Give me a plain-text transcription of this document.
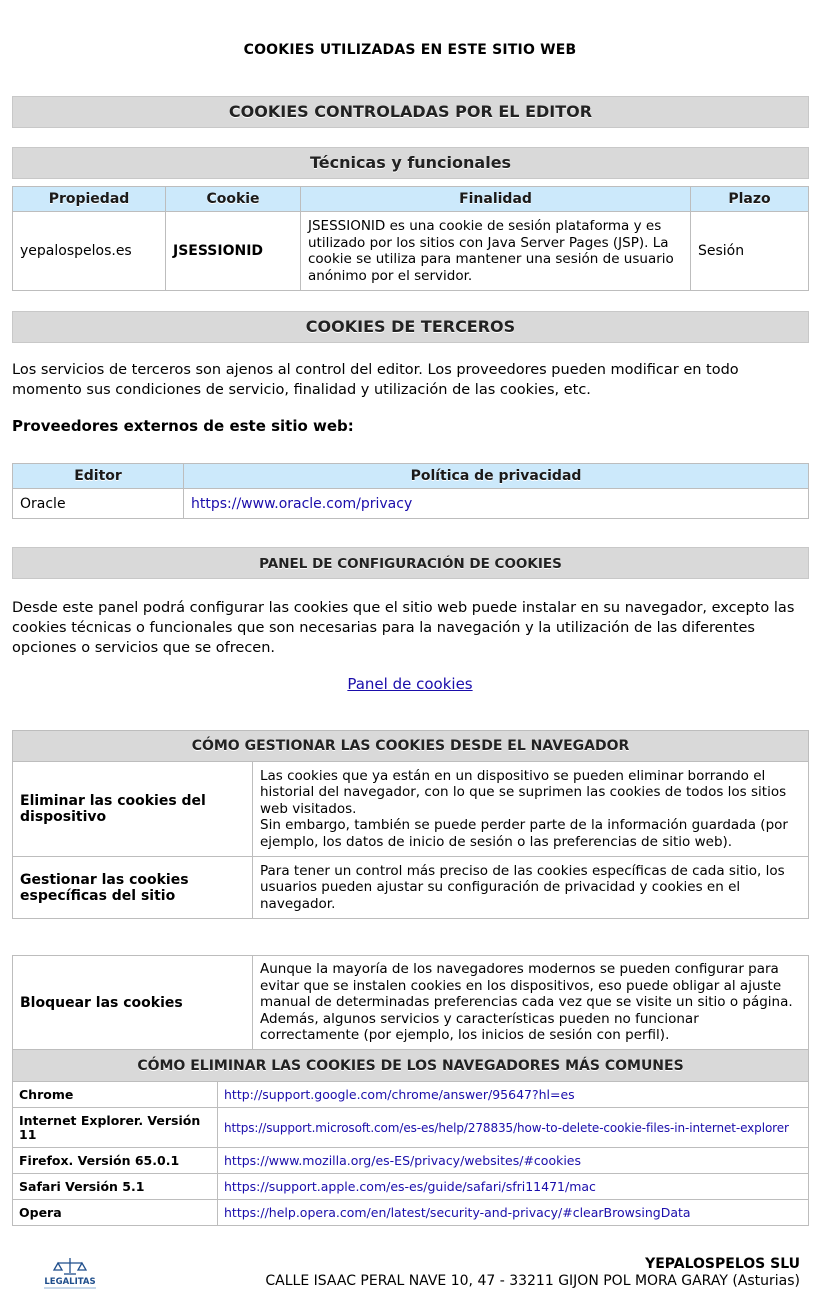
COOKIES UTILIZADAS EN ESTE SITIO WEB
COOKIES CONTROLADAS POR EL EDITOR
Técnicas y funcionales
Propiedad	Cookie	Finalidad	Plazo
yepalospelos.es	JSESSIONID	JSESSIONID es una cookie de sesión plataforma y es utilizado por los sitios con Java Server Pages (JSP). La cookie se utiliza para mantener una sesión de usuario anónimo por el servidor.	Sesión
COOKIES DE TERCEROS
Los servicios de terceros son ajenos al control del editor. Los proveedores pueden modificar en todo momento sus condiciones de servicio, finalidad y utilización de las cookies, etc.
Proveedores externos de este sitio web:
Editor	Política de privacidad
Oracle	https://www.oracle.com/privacy
PANEL DE CONFIGURACIÓN DE COOKIES
Desde este panel podrá configurar las cookies que el sitio web puede instalar en su navegador, excepto las cookies técnicas o funcionales que son necesarias para la navegación y la utilización de las diferentes opciones o servicios que se ofrecen.
Panel de cookies
CÓMO GESTIONAR LAS COOKIES DESDE EL NAVEGADOR	
Eliminar las cookies del dispositivo	Las cookies que ya están en un dispositivo se pueden eliminar borrando el historial del navegador, con lo que se suprimen las cookies de todos los sitios web visitados.
Sin embargo, también se puede perder parte de la información guardada (por ejemplo, los datos de inicio de sesión o las preferencias de sitio web).

Gestionar las cookies específicas del sitio	Para tener un control más preciso de las cookies específicas de cada sitio, los usuarios pueden ajustar su configuración de privacidad y cookies en el navegador.
Bloquear las cookies	Aunque la mayoría de los navegadores modernos se pueden configurar para evitar que se instalen cookies en los dispositivos, eso puede obligar al ajuste manual de determinadas preferencias cada vez que se visite un sitio o página. Además, algunos servicios y características pueden no funcionar correctamente (por ejemplo, los inicios de sesión con perfil).
CÓMO ELIMINAR LAS COOKIES DE LOS NAVEGADORES MÁS COMUNES	
Chrome	http://support.google.com/chrome/answer/95647?hl=es
Internet Explorer. Versión 11	https://support.microsoft.com/es-es/help/278835/how-to-delete-cookie-files-in-internet-explorer
Firefox. Versión 65.0.1	https://www.mozilla.org/es-ES/privacy/websites/#cookies
Safari Versión 5.1	https://support.apple.com/es-es/guide/safari/sfri11471/mac
Opera	https://help.opera.com/en/latest/security-and-privacy/#clearBrowsingData
LEGALITAS
YEPALOSPELOS SLU
CALLE ISAAC PERAL NAVE 10, 47 - 33211 GIJON POL MORA GARAY (Asturias)
